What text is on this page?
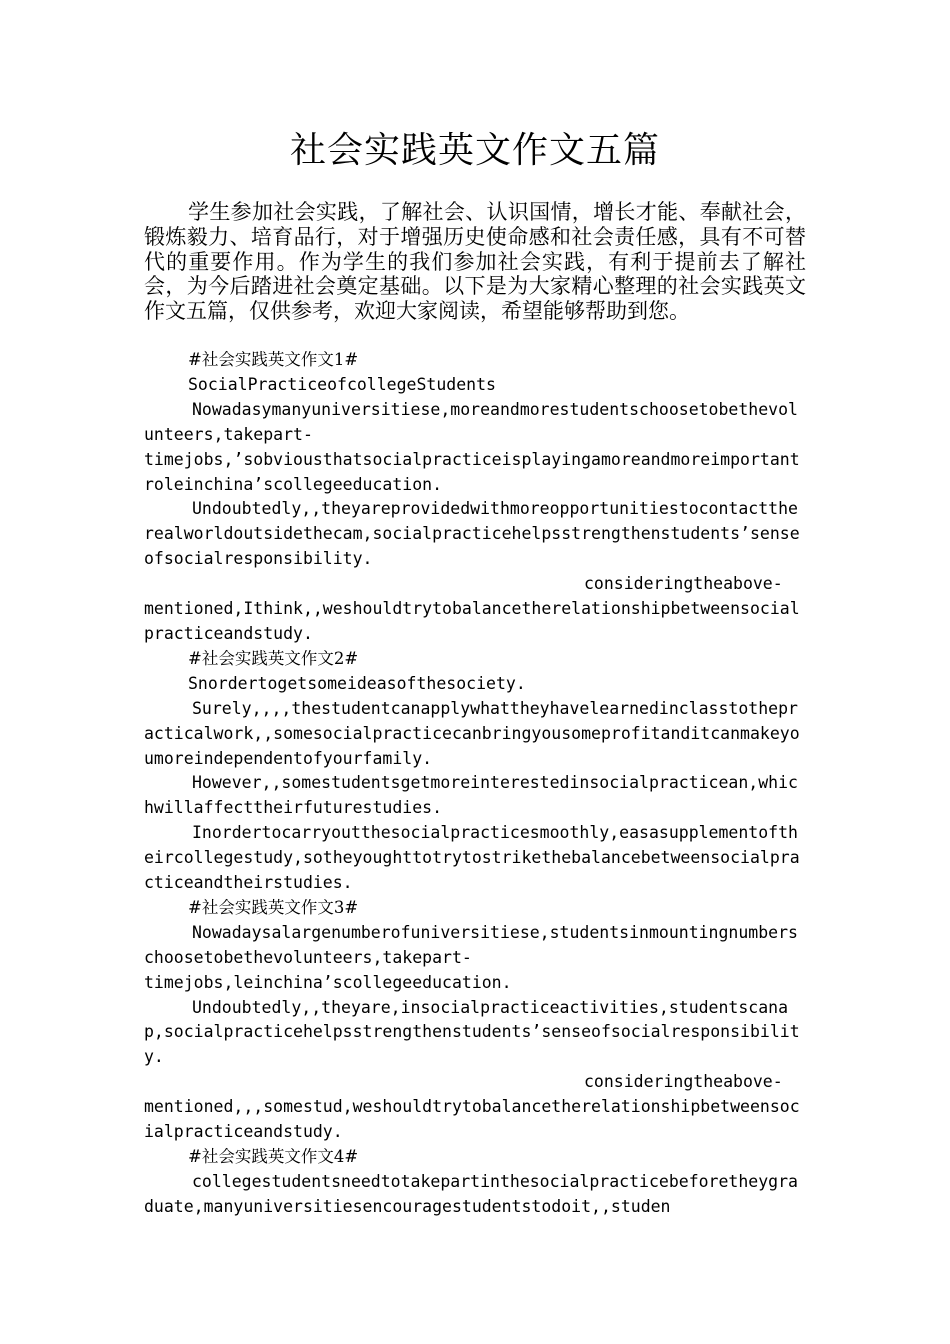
社会实践英文作文五篇

学生参加社会实践，了解社会、认识国情，增长才能、奉献社会，锻炼毅力、培育品行，对于增强历史使命感和社会责任感，具有不可替代的重要作用。作为学生的我们参加社会实践，有利于提前去了解社会，为今后踏进社会奠定基础。以下是为大家精心整理的社会实践英文作文五篇，仅供参考，欢迎大家阅读，希望能够帮助到您。

#社会实践英文作文1#

SocialPracticeofcollegeStudents

Nowadasymanyuniversitiese,moreandmorestudentschoosetobethevolunteers,takepart-

timejobs,’sobviousthatsocialpracticeisplayingamoreandmoreimportantroleinchina’scollegeeducation.

Undoubtedly,,theyareprovidedwithmoreopportunitiestocontacttherealworldoutsidethecam,socialpracticehelpsstrengthenstudents’senseofsocialresponsibility.

consideringtheabove-

mentioned,Ithink,,weshouldtrytobalancetherelationshipbetweensocialpracticeandstudy.

#社会实践英文作文2#

Snordertogetsomeideasofthesociety.

Surely,,,,thestudentcanapplywhattheyhavelearnedinclasstothepracticalwork,,somesocialpracticecanbringyousomeprofitanditcanmakeyoumoreindependentofyourfamily.

However,,somestudentsgetmoreinterestedinsocialpracticean,whichwillaffecttheirfuturestudies.

Inordertocarryoutthesocialpracticesmoothly,easasupplementoftheircollegestudy,sotheyoughttotrytostrikethebalancebetweensocialpracticeandtheirstudies.

#社会实践英文作文3#

Nowadaysalargenumberofuniversitiese,studentsinmountingnumberschoosetobethevolunteers,takepart-

timejobs,leinchina’scollegeeducation.

Undoubtedly,,theyare,insocialpracticeactivities,studentscanap,socialpracticehelpsstrengthenstudents’senseofsocialresponsibility.

consideringtheabove-

mentioned,,,somestud,weshouldtrytobalancetherelationshipbetweensocialpracticeandstudy.

#社会实践英文作文4#

collegestudentsneedtotakepartinthesocialpracticebeforetheygraduate,manyuniversitiesencouragestudentstodoit,,studen
